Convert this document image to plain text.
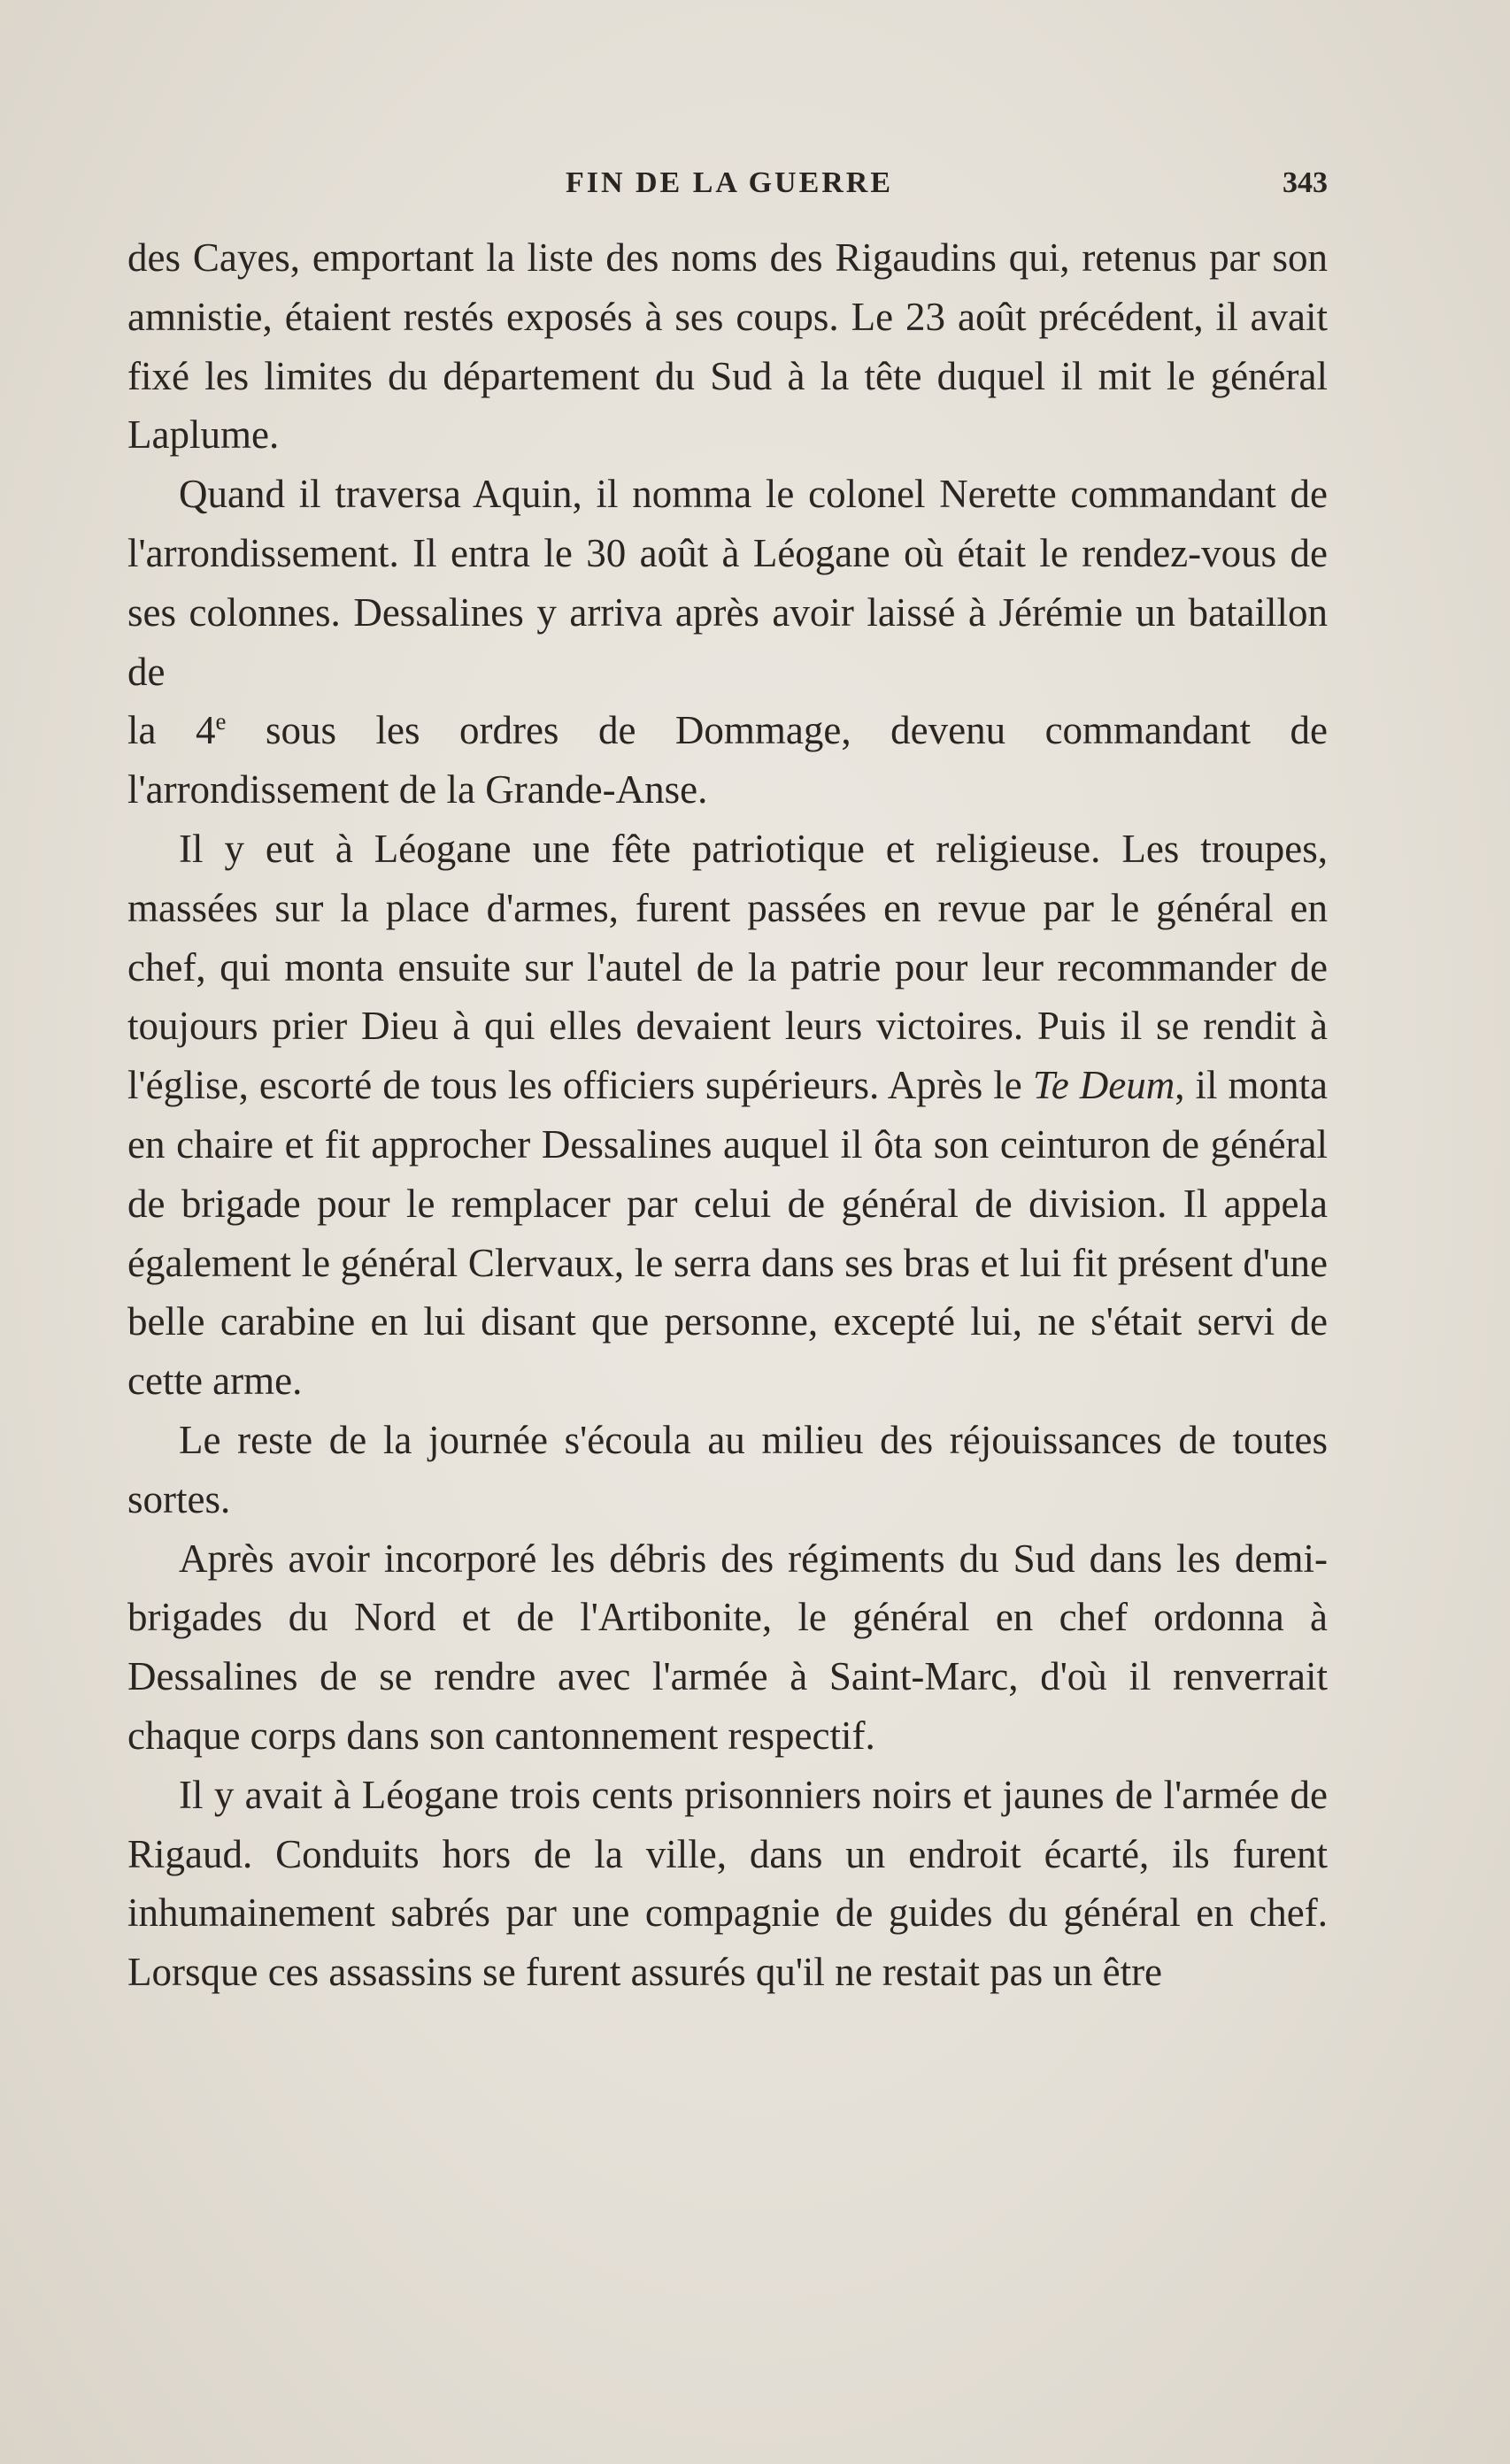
FIN DE LA GUERRE	343

des Cayes, emportant la liste des noms des Rigaudins qui, retenus par son amnistie, étaient restés exposés à ses coups. Le 23 août précédent, il avait fixé les limites du département du Sud à la tête duquel il mit le général Laplume.

Quand il traversa Aquin, il nomma le colonel Nerette commandant de l'arrondissement. Il entra le 30 août à Léogane où était le rendez-vous de ses colonnes. Dessalines y arriva après avoir laissé à Jérémie un bataillon de

la 4e sous les ordres de Dommage, devenu commandant de l'arrondissement de la Grande-Anse.

Il y eut à Léogane une fête patriotique et religieuse. Les troupes, massées sur la place d'armes, furent passées en revue par le général en chef, qui monta ensuite sur l'autel de la patrie pour leur recommander de toujours prier Dieu à qui elles devaient leurs victoires. Puis il se rendit à l'église, escorté de tous les officiers supérieurs. Après le Te Deum, il monta en chaire et fit approcher Dessalines auquel il ôta son ceinturon de général de brigade pour le remplacer par celui de général de division. Il appela également le général Clervaux, le serra dans ses bras et lui fit présent d'une belle carabine en lui disant que personne, excepté lui, ne s'était servi de cette arme.

Le reste de la journée s'écoula au milieu des réjouissances de toutes sortes.

Après avoir incorporé les débris des régiments du Sud dans les demi-brigades du Nord et de l'Artibonite, le général en chef ordonna à Dessalines de se rendre avec l'armée à Saint-Marc, d'où il renverrait chaque corps dans son cantonnement respectif.

Il y avait à Léogane trois cents prisonniers noirs et jaunes de l'armée de Rigaud. Conduits hors de la ville, dans un endroit écarté, ils furent inhumainement sabrés par une compagnie de guides du général en chef. Lorsque ces assassins se furent assurés qu'il ne restait pas un être
